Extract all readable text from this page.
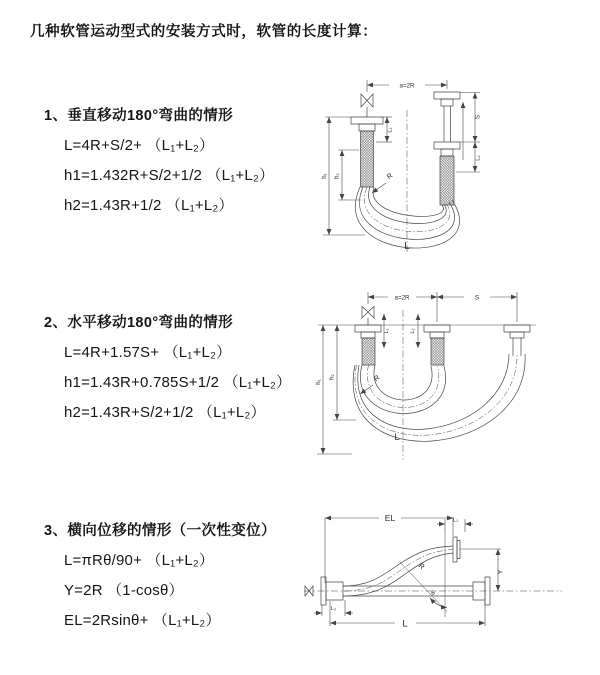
几种软管运动型式的安装方式时，软管的长度计算：
1、垂直移动180°弯曲的情形
L=4R+S/2+ （L₁+L₂）
h1=1.432R+S/2+1/2 （L₁+L₂）
h2=1.43R+1/2 （L₁+L₂）
2、水平移动180°弯曲的情形
L=4R+1.57S+ （L₁+L₂）
h1=1.43R+0.785S+1/2 （L₁+L₂）
h2=1.43R+S/2+1/2 （L₁+L₂）
3、横向位移的情形（一次性变位）
L=πRθ/90+ （L₁+L₂）
Y=2R （1-cosθ）
EL=2Rsinθ+ （L₁+L₂）
a=2R
L₁
S
L₂
h₁ h₂	R
L
a=2R	S
L₁	L₂
h₁
h₂	R
L
EL	L₁
Y
R
θ
L
L₂
